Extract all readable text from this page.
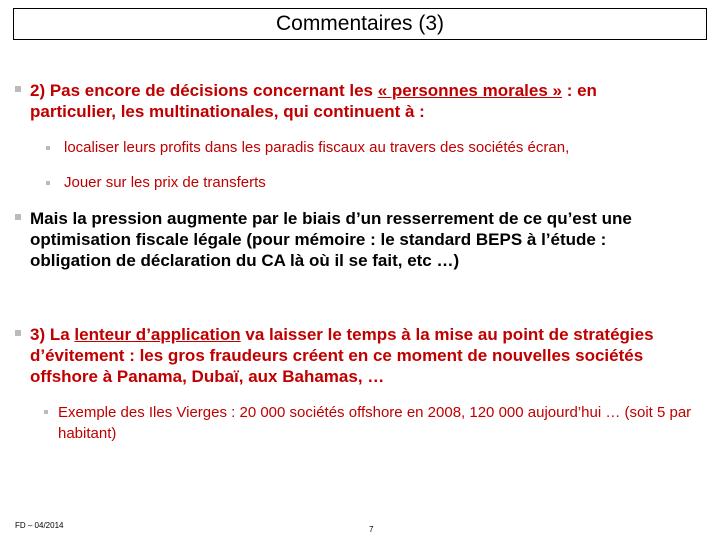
Commentaires (3)
2) Pas encore de décisions concernant les « personnes morales » : en particulier, les multinationales, qui continuent à :
localiser leurs profits dans les paradis fiscaux au travers des sociétés écran,
Jouer sur les prix de transferts
Mais la pression augmente par le biais d’un resserrement de ce qu’est une optimisation fiscale légale (pour mémoire : le standard BEPS à l’étude : obligation de déclaration du CA là où il se fait, etc …)
3) La lenteur d’application va laisser le temps à la mise au point de stratégies d’évitement : les gros fraudeurs créent en ce moment de nouvelles sociétés offshore à Panama, Dubaï, aux Bahamas, …
Exemple des Iles Vierges : 20 000 sociétés offshore en 2008, 120 000 aujourd’hui … (soit 5 par habitant)
FD – 04/2014	7
